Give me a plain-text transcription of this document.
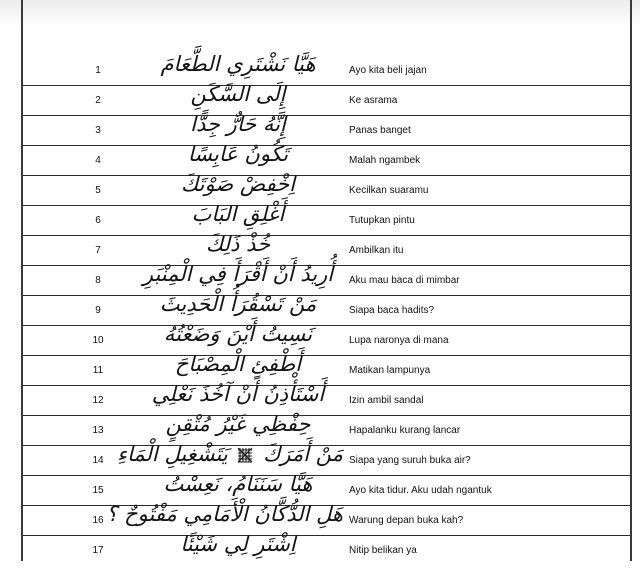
1	هَيَّا نَشْتَرِي الطَّعَامَ	Ayo kita beli jajan
2	إِلَى السَّكَنِ	Ke asrama
3	إِنَّهُ حَارٌّ جِدًّا	Panas banget
4	تَكُونُ عَابِسًا	Malah ngambek
5	اِخْفِضْ صَوْتَكَ	Kecilkan suaramu
6	أَغْلِقِ البَابَ	Tutupkan pintu
7	خُذْ ذَلِكَ	Ambilkan itu
8	أُرِيدُ أَنْ أَقْرَأَ فِي الْمِنْبَرِ	Aku mau baca di mimbar
9	مَنْ تَسْقُرَأُ الْحَدِيثَ	Siapa baca hadits?
10	نَسِيتُ أَيْنَ وَضَعْتُهُ	Lupa naronya di mana
11	أَطْفِئِ الْمِصْبَاحَ	Matikan lampunya
12	أَسْتَأْذِنُ أَنْ آخُذَ نَعْلِي	Izin ambil sandal
13	حِفْظِي غَيْرُ مُتْقِنٍ	Hapalanku kurang lancar
14	مَنْ أَمَرَكَ  يَتَشْغِيلِ الْمَاءِ	Siapa yang suruh buka air?
15	هَيَّا سَنَنَامُ، نَعِسْتُ	Ayo kita tidur. Aku udah ngantuk
16 هَلِ الدُّكَّانُ الْأَمَامِي مَفْتُوحٌ ؟ Warung depan buka kah?
17	اِشْتَرِ لِي شَيْئًا	Nitip belikan ya
